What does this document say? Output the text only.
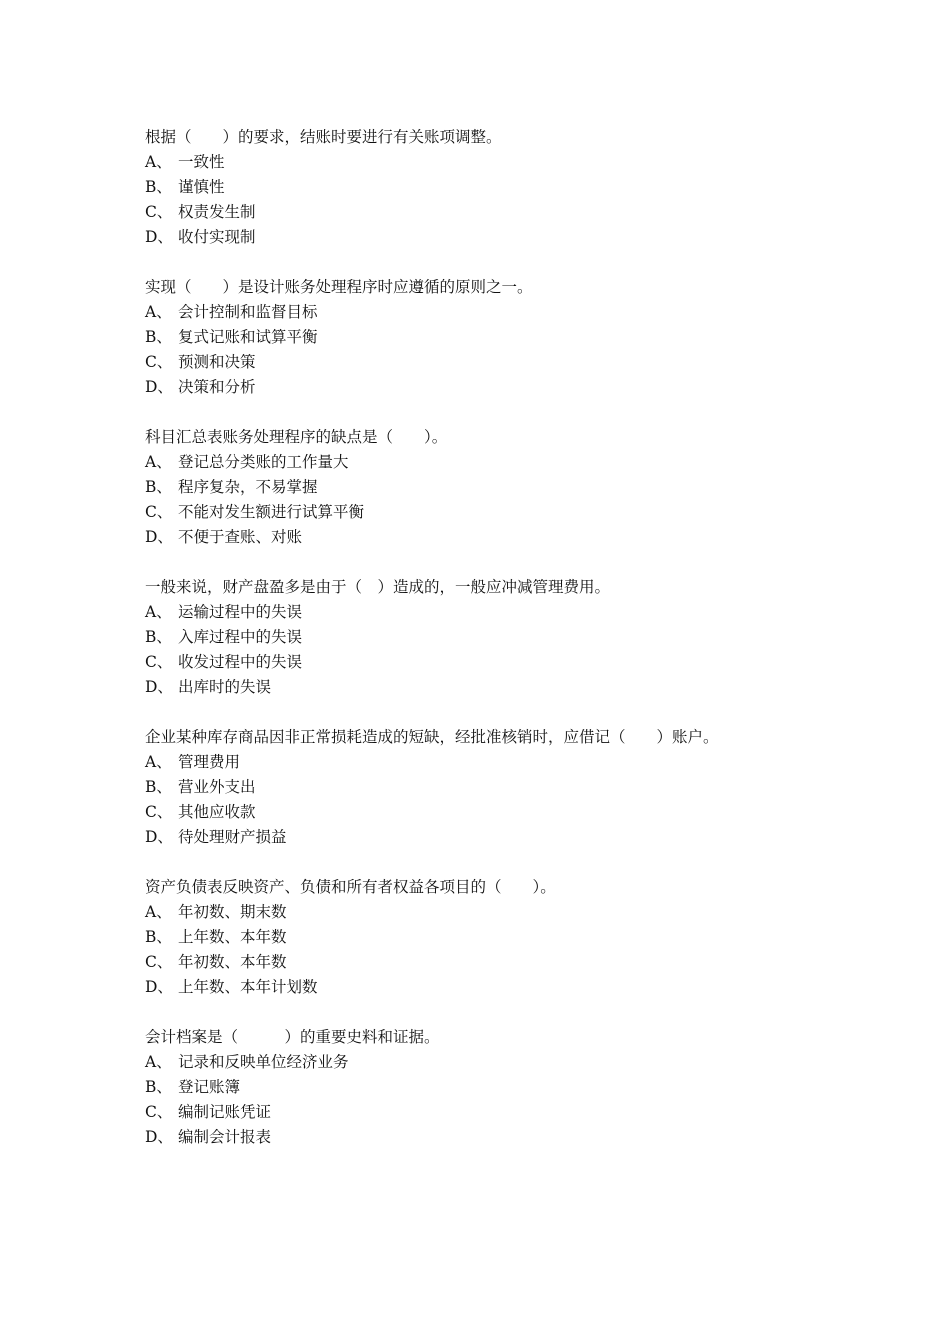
根据（　　）的要求，结账时要进行有关账项调整。
A、 一致性
B、 谨慎性
C、 权责发生制
D、 收付实现制
实现（　　）是设计账务处理程序时应遵循的原则之一。
A、 会计控制和监督目标
B、 复式记账和试算平衡
C、 预测和决策
D、 决策和分析
科目汇总表账务处理程序的缺点是（　　）。
A、 登记总分类账的工作量大
B、 程序复杂，不易掌握
C、 不能对发生额进行试算平衡
D、 不便于查账、对账
一般来说，财产盘盈多是由于（　）造成的，一般应冲减管理费用。
A、 运输过程中的失误
B、 入库过程中的失误
C、 收发过程中的失误
D、 出库时的失误
企业某种库存商品因非正常损耗造成的短缺，经批准核销时，应借记（　　）账户。
A、 管理费用
B、 营业外支出
C、 其他应收款
D、 待处理财产损益
资产负债表反映资产、负债和所有者权益各项目的（　　）。
A、 年初数、期末数
B、 上年数、本年数
C、 年初数、本年数
D、 上年数、本年计划数
会计档案是（　　　）的重要史料和证据。
A、 记录和反映单位经济业务
B、 登记账簿
C、 编制记账凭证
D、 编制会计报表
